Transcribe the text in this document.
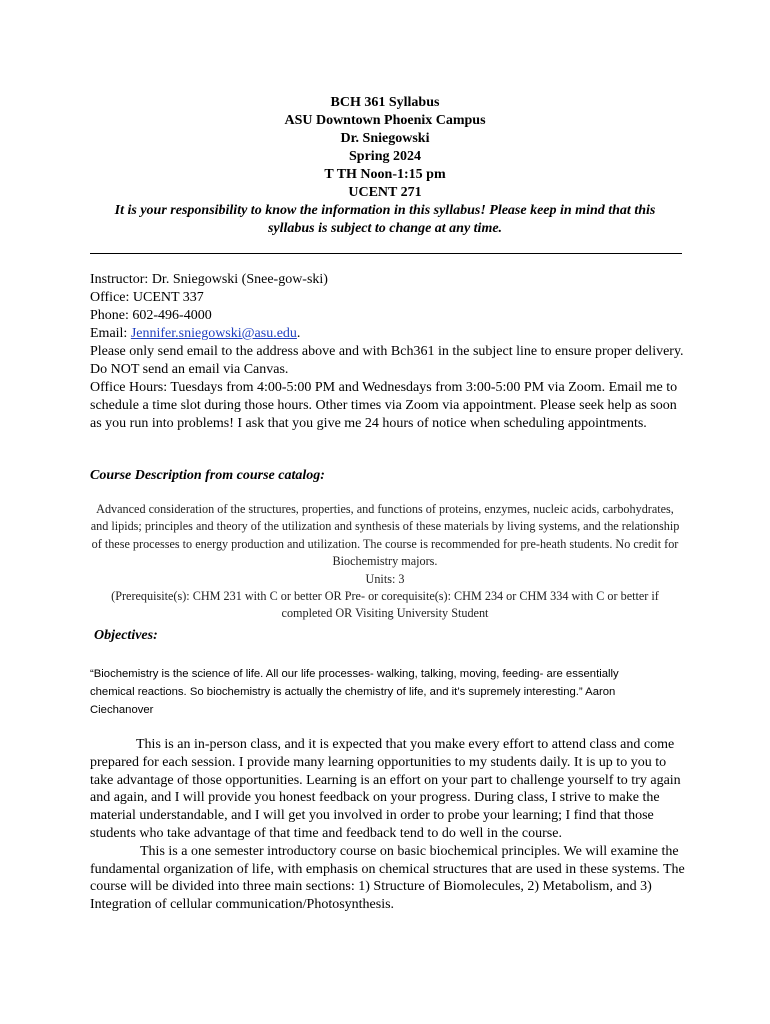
BCH 361 Syllabus
ASU Downtown Phoenix Campus
Dr. Sniegowski
Spring 2024
T TH Noon-1:15 pm
UCENT 271
It is your responsibility to know the information in this syllabus! Please keep in mind that this syllabus is subject to change at any time.
Instructor: Dr. Sniegowski (Snee-gow-ski)
Office: UCENT 337
Phone: 602-496-4000
Email: Jennifer.sniegowski@asu.edu.
Please only send email to the address above and with Bch361 in the subject line to ensure proper delivery. Do NOT send an email via Canvas.
Office Hours: Tuesdays from 4:00-5:00 PM and Wednesdays from 3:00-5:00 PM via Zoom. Email me to schedule a time slot during those hours. Other times via Zoom via appointment. Please seek help as soon as you run into problems! I ask that you give me 24 hours of notice when scheduling appointments.
Course Description from course catalog:
Advanced consideration of the structures, properties, and functions of proteins, enzymes, nucleic acids, carbohydrates, and lipids; principles and theory of the utilization and synthesis of these materials by living systems, and the relationship of these processes to energy production and utilization. The course is recommended for pre-heath students. No credit for Biochemistry majors.
Units: 3
(Prerequisite(s): CHM 231 with C or better OR Pre- or corequisite(s): CHM 234 or CHM 334 with C or better if completed OR Visiting University Student
Objectives:
“Biochemistry is the science of life. All our life processes- walking, talking, moving, feeding- are essentially chemical reactions. So biochemistry is actually the chemistry of life, and it’s supremely interesting.” Aaron Ciechanover

This is an in-person class, and it is expected that you make every effort to attend class and come prepared for each session. I provide many learning opportunities to my students daily. It is up to you to take advantage of those opportunities. Learning is an effort on your part to challenge yourself to try again and again, and I will provide you honest feedback on your progress. During class, I strive to make the material understandable, and I will get you involved in order to probe your learning; I find that those students who take advantage of that time and feedback tend to do well in the course.

This is a one semester introductory course on basic biochemical principles. We will examine the fundamental organization of life, with emphasis on chemical structures that are used in these systems. The course will be divided into three main sections: 1) Structure of Biomolecules, 2) Metabolism, and 3) Integration of cellular communication/Photosynthesis.
